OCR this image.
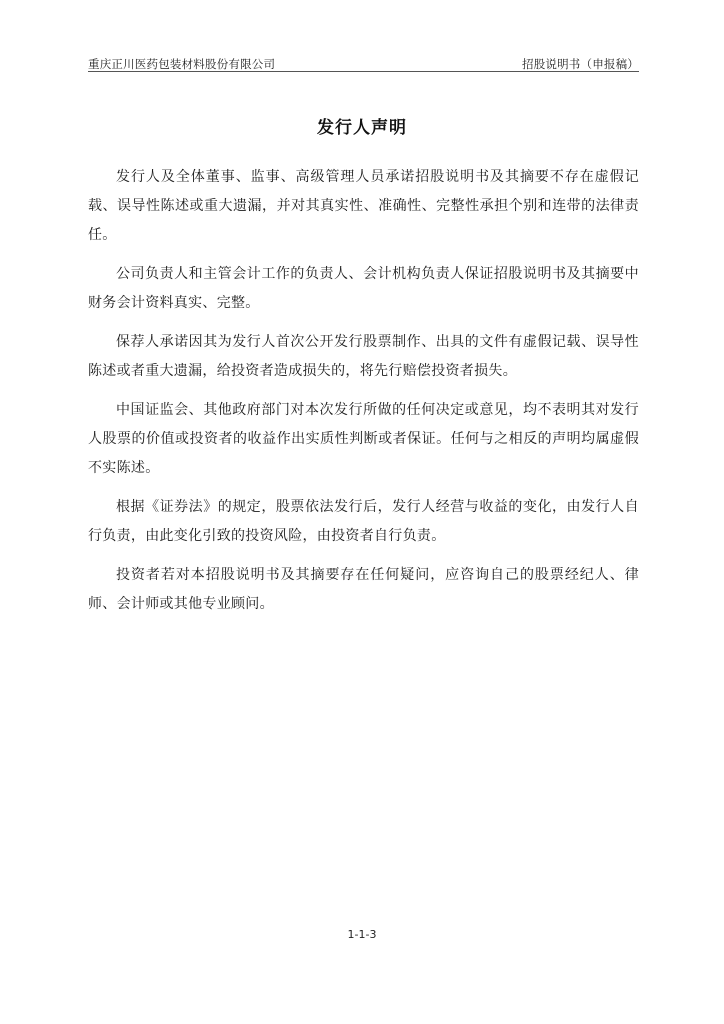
重庆正川医药包装材料股份有限公司	招股说明书（申报稿）
发行人声明

发行人及全体董事、监事、高级管理人员承诺招股说明书及其摘要不存在虚假记载、误导性陈述或重大遗漏，并对其真实性、准确性、完整性承担个别和连带的法律责任。

公司负责人和主管会计工作的负责人、会计机构负责人保证招股说明书及其摘要中财务会计资料真实、完整。

保荐人承诺因其为发行人首次公开发行股票制作、出具的文件有虚假记载、误导性陈述或者重大遗漏，给投资者造成损失的，将先行赔偿投资者损失。

中国证监会、其他政府部门对本次发行所做的任何决定或意见，均不表明其对发行人股票的价值或投资者的收益作出实质性判断或者保证。任何与之相反的声明均属虚假不实陈述。

根据《证券法》的规定，股票依法发行后，发行人经营与收益的变化，由发行人自行负责，由此变化引致的投资风险，由投资者自行负责。

投资者若对本招股说明书及其摘要存在任何疑问，应咨询自己的股票经纪人、律师、会计师或其他专业顾问。

1-1-3
